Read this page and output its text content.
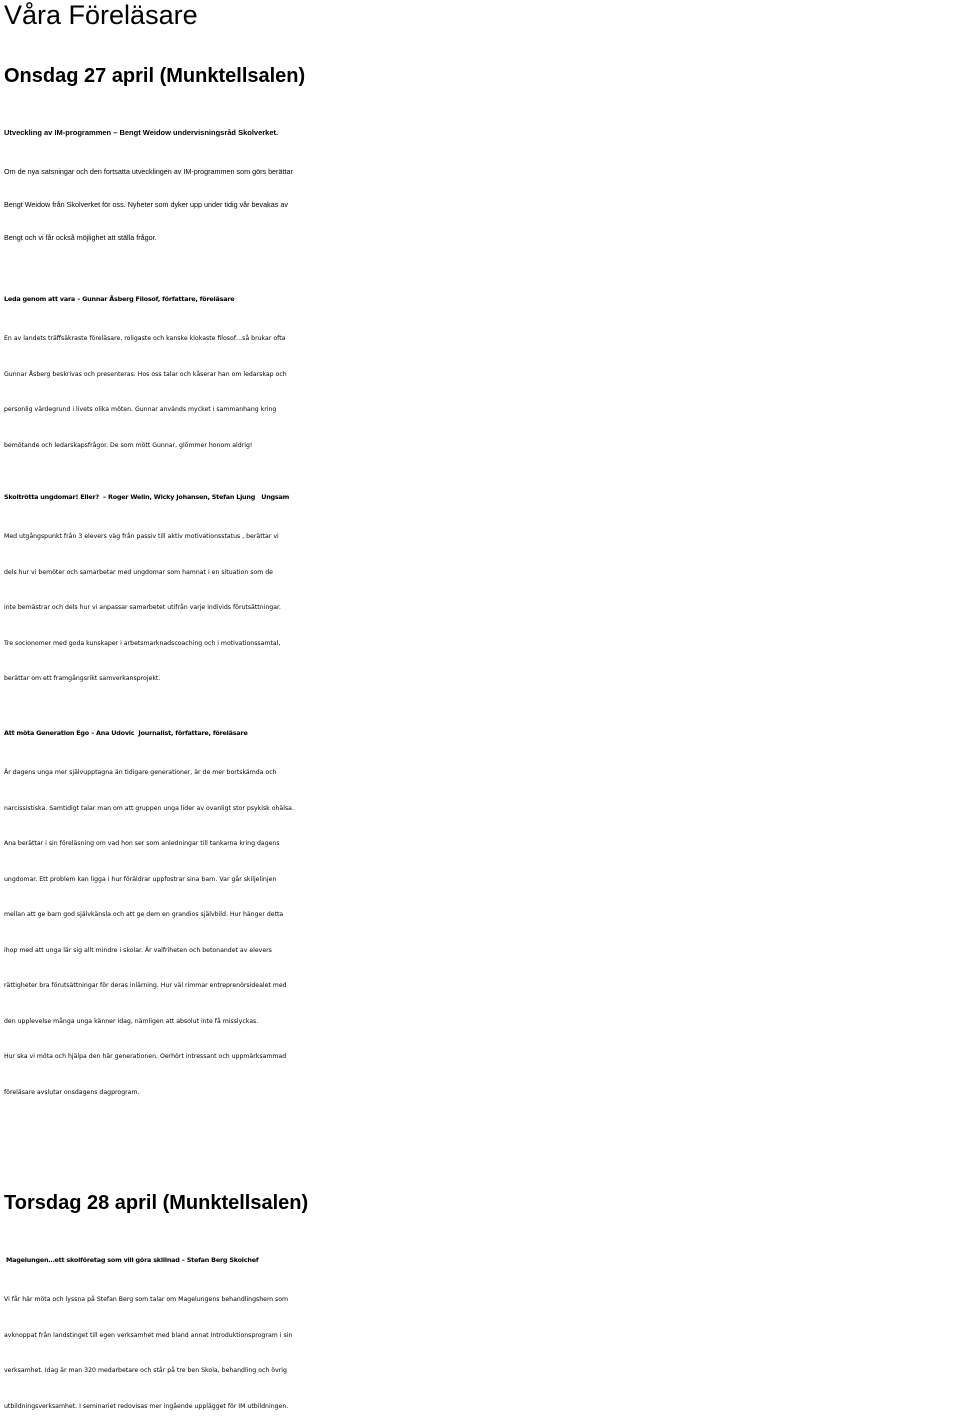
Våra Föreläsare
Onsdag 27 april (Munktellsalen)
Utveckling av IM-programmen – Bengt Weidow undervisningsråd Skolverket.
Om de nya satsningar och den fortsatta utvecklingen av IM-programmen som görs berättar
Bengt Weidow från Skolverket för oss. Nyheter som dyker upp under tidig vår bevakas av
Bengt och vi får också möjlighet att ställa frågor.
Leda genom att vara – Gunnar Åsberg Filosof, författare, föreläsare
En av landets träffsäkraste föreläsare, roligaste och kanske klokaste filosof…så brukar ofta
Gunnar Åsberg beskrivas och presenteras. Hos oss talar och kåserar han om ledarskap och
personlig värdegrund i livets olika möten. Gunnar används mycket i sammanhang kring
bemötande och ledarskapsfrågor. De som mött Gunnar, glömmer honom aldrig!
Skoltrötta ungdomar! Eller?  – Roger Welin, Wicky Johansen, Stefan Ljung   Ungsam
Med utgångspunkt från 3 elevers väg från passiv till aktiv motivationsstatus , berättar vi
dels hur vi bemöter och samarbetar med ungdomar som hamnat i en situation som de
inte bemästrar och dels hur vi anpassar samarbetet utifrån varje individs förutsättningar.
Tre socionomer med goda kunskaper i arbetsmarknadscoaching och i motivationssamtal,
berättar om ett framgångsrikt samverkansprojekt.
Att möta Generation Ego – Ana Udovic  Journalist, författare, föreläsare
Är dagens unga mer självupptagna än tidigare generationer, är de mer bortskämda och
narcissistiska. Samtidigt talar man om att gruppen unga lider av ovanligt stor psykisk ohälsa.
Ana berättar i sin föreläsning om vad hon ser som anledningar till tankarna kring dagens
ungdomar. Ett problem kan ligga i hur föräldrar uppfostrar sina barn. Var går skiljelinjen
mellan att ge barn god självkänsla och att ge dem en grandios självbild. Hur hänger detta
ihop med att unga lär sig allt mindre i skolar. Är valfriheten och betonandet av elevers
rättigheter bra förutsättningar för deras inlärning. Hur väl rimmar entreprenörsidealet med
den upplevelse många unga känner idag, nämligen att absolut inte få misslyckas.
Hur ska vi möta och hjälpa den här generationen. Oerhört intressant och uppmärksammad
föreläsare avslutar onsdagens dagprogram.
Torsdag 28 april (Munktellsalen)
Magelungen…ett skolföretag som vill göra skillnad – Stefan Berg Skolchef
Vi får här möta och lyssna på Stefan Berg som talar om Magelungens behandlingshem som
avknoppat från landstinget till egen verksamhet med bland annat Introduktionsprogram i sin
verksamhet. Idag är man 320 medarbetare och står på tre ben Skola, behandling och övrig
utbildningsverksamhet. I seminariet redovisas mer ingående upplägget för IM utbildningen.
